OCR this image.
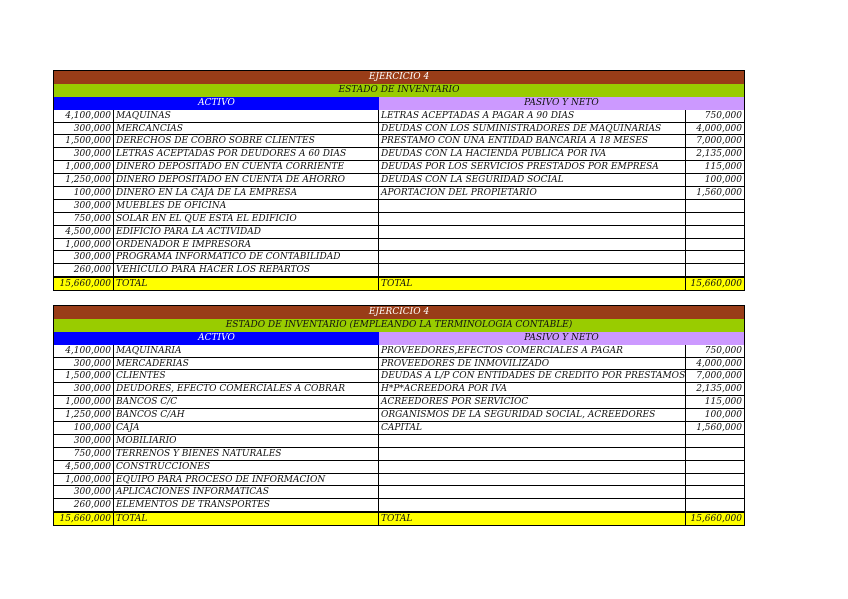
EJERCICIO 4
ESTADO DE INVENTARIO
ACTIVO	PASIVO Y NETO
4,100,000 MAQUINAS	LETRAS ACEPTADAS A PAGAR A 90 DIAS	750,000
300,000 MERCANCIAS	DEUDAS CON LOS SUMINISTRADORES DE MAQUINARIAS	4,000,000
1,500,000 DERECHOS DE COBRO SOBRE CLIENTES	PRESTAMO CON UNA ENTIDAD BANCARIA A 18 MESES	7,000,000
300,000 LETRAS ACEPTADAS POR DEUDORES A 60 DIAS	DEUDAS CON LA HACIENDA PUBLICA POR IVA	2,135,000
1,000,000 DINERO DEPOSITADO EN CUENTA CORRIENTE	DEUDAS POR LOS SERVICIOS PRESTADOS POR EMPRESA	115,000
1,250,000 DINERO DEPOSITADO EN CUENTA DE AHORRO	DEUDAS CON LA SEGURIDAD SOCIAL	100,000
100,000 DINERO EN LA CAJA DE LA EMPRESA	APORTACION DEL PROPIETARIO	1,560,000
300,000 MUEBLES DE OFICINA
750,000 SOLAR EN EL QUE ESTA EL EDIFICIO
4,500,000 EDIFICIO PARA LA ACTIVIDAD
1,000,000 ORDENADOR E IMPRESORA
300,000 PROGRAMA INFORMATICO DE CONTABILIDAD
260,000 VEHICULO PARA HACER LOS REPARTOS
15,660,000 TOTAL	TOTAL	15,660,000
EJERCICIO 4
ESTADO DE INVENTARIO (EMPLEANDO LA TERMINOLOGIA CONTABLE)
ACTIVO	PASIVO Y NETO
4,100,000 MAQUINARIA	PROVEEDORES,EFECTOS COMERCIALES A PAGAR	750,000
300,000 MERCADERIAS	PROVEEDORES DE INMOVILIZADO	4,000,000
1,500,000 CLIENTES	DEUDAS A L/P CON ENTIDADES DE CREDITO POR PRESTAMOS	7,000,000
300,000 DEUDORES, EFECTO COMERCIALES A COBRAR	H*P*ACREEDORA POR IVA	2,135,000
1,000,000 BANCOS C/C	ACREEDORES POR SERVICIOC	115,000
1,250,000 BANCOS C/AH	ORGANISMOS DE LA SEGURIDAD SOCIAL, ACREEDORES	100,000
100,000 CAJA	CAPITAL	1,560,000
300,000 MOBILIARIO
750,000 TERRENOS Y BIENES NATURALES
4,500,000 CONSTRUCCIONES
1,000,000 EQUIPO PARA PROCESO DE INFORMACION
300,000 APLICACIONES INFORMATICAS
260,000 ELEMENTOS DE TRANSPORTES
15,660,000 TOTAL	TOTAL	15,660,000
